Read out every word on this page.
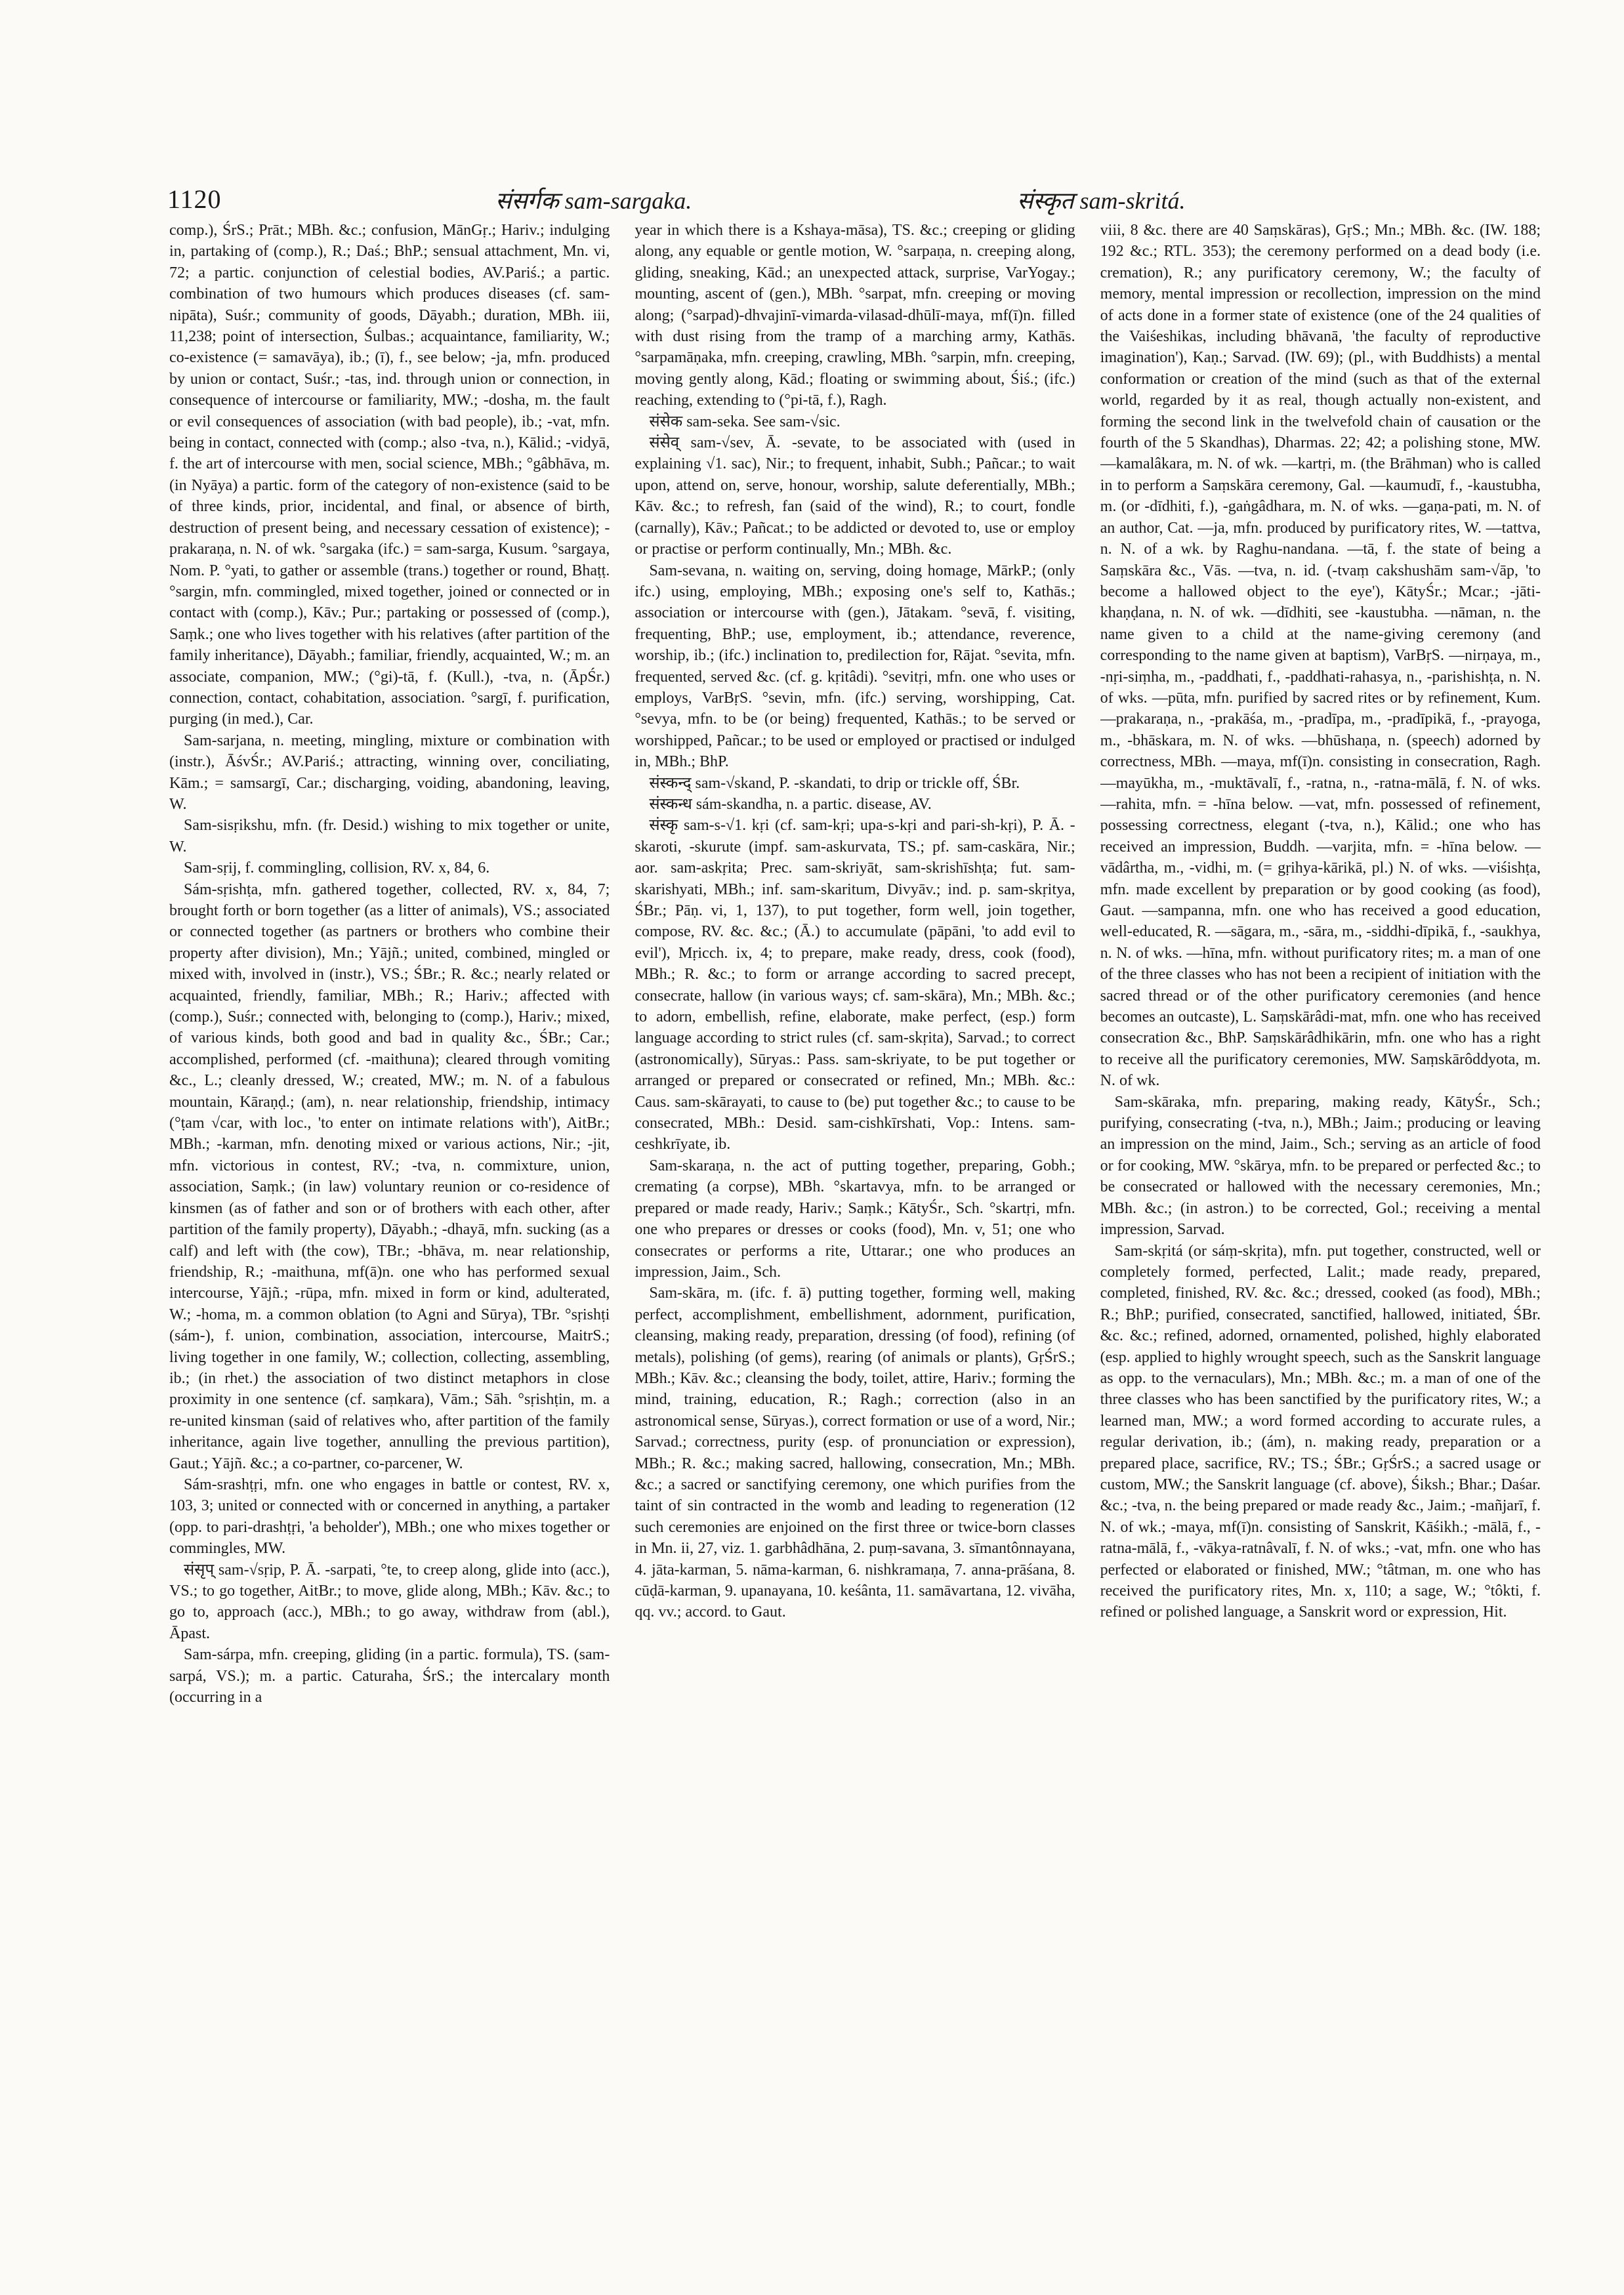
1120	संसर्गक sam-sargaka.	संस्कृत sam-skritá.

comp.), ŚrS.; Prāt.; MBh. &c.; confusion, MānGṛ.; Hariv.; indulging in, partaking of (comp.), R.; Daś.; BhP.; sensual attachment, Mn. vi, 72; a partic. conjunction of celestial bodies, AV.Pariś.; a partic. combination of two humours which produces diseases (cf. sam-nipāta), Suśr.; community of goods, Dāyabh.; duration, MBh. iii, 11,238; point of intersection, Śulbas.; acquaintance, familiarity, W.; co-existence (= samavāya), ib.; (ī), f., see below; -ja, mfn. produced by union or contact, Suśr.; -tas, ind. through union or connection, in consequence of intercourse or familiarity, MW.; -dosha, m. the fault or evil consequences of association (with bad people), ib.; -vat, mfn. being in contact, connected with (comp.; also -tva, n.), Kālid.; -vidyā, f. the art of intercourse with men, social science, MBh.; °gâbhāva, m. (in Nyāya) a partic. form of the category of non-existence (said to be of three kinds, prior, incidental, and final, or absence of birth, destruction of present being, and necessary cessation of existence); -prakaraṇa, n. N. of wk. °sargaka (ifc.) = sam-sarga, Kusum. °sargaya, Nom. P. °yati, to gather or assemble (trans.) together or round, Bhaṭṭ. °sargin, mfn. commingled, mixed together, joined or connected or in contact with (comp.), Kāv.; Pur.; partaking or possessed of (comp.), Saṃk.; one who lives together with his relatives (after partition of the family inheritance), Dāyabh.; familiar, friendly, acquainted, W.; m. an associate, companion, MW.; (°gi)-tā, f. (Kull.), -tva, n. (ĀpŚr.) connection, contact, cohabitation, association. °sargī, f. purification, purging (in med.), Car.

Sam-sarjana, n. meeting, mingling, mixture or combination with (instr.), ĀśvŚr.; AV.Pariś.; attracting, winning over, conciliating, Kām.; = samsargī, Car.; discharging, voiding, abandoning, leaving, W.

Sam-sisṛikshu, mfn. (fr. Desid.) wishing to mix together or unite, W.

Sam-sṛij, f. commingling, collision, RV. x, 84, 6.

Sám-sṛishṭa, mfn. gathered together, collected, RV. x, 84, 7; brought forth or born together (as a litter of animals), VS.; associated or connected together (as partners or brothers who combine their property after division), Mn.; Yājñ.; united, combined, mingled or mixed with, involved in (instr.), VS.; ŚBr.; R. &c.; nearly related or acquainted, friendly, familiar, MBh.; R.; Hariv.; affected with (comp.), Suśr.; connected with, belonging to (comp.), Hariv.; mixed, of various kinds, both good and bad in quality &c., ŚBr.; Car.; accomplished, performed (cf. -maithuna); cleared through vomiting &c., L.; cleanly dressed, W.; created, MW.; m. N. of a fabulous mountain, Kāraṇḍ.; (am), n. near relationship, friendship, intimacy (°ṭam √car, with loc., 'to enter on intimate relations with'), AitBr.; MBh.; -karman, mfn. denoting mixed or various actions, Nir.; -jit, mfn. victorious in contest, RV.; -tva, n. commixture, union, association, Saṃk.; (in law) voluntary reunion or co-residence of kinsmen (as of father and son or of brothers with each other, after partition of the family property), Dāyabh.; -dhayā, mfn. sucking (as a calf) and left with (the cow), TBr.; -bhāva, m. near relationship, friendship, R.; -maithuna, mf(ā)n. one who has performed sexual intercourse, Yājñ.; -rūpa, mfn. mixed in form or kind, adulterated, W.; -homa, m. a common oblation (to Agni and Sūrya), TBr. °sṛishṭi (sám-), f. union, combination, association, intercourse, MaitrS.; living together in one family, W.; collection, collecting, assembling, ib.; (in rhet.) the association of two distinct metaphors in close proximity in one sentence (cf. saṃkara), Vām.; Sāh. °sṛishṭin, m. a re-united kinsman (said of relatives who, after partition of the family inheritance, again live together, annulling the previous partition), Gaut.; Yājñ. &c.; a co-partner, co-parcener, W.

Sám-srashṭṛi, mfn. one who engages in battle or contest, RV. x, 103, 3; united or connected with or concerned in anything, a partaker (opp. to pari-drashṭṛi, 'a beholder'), MBh.; one who mixes together or commingles, MW.

संसृप् sam-√sṛip, P. Ā. -sarpati, °te, to creep along, glide into (acc.), VS.; to go together, AitBr.; to move, glide along, MBh.; Kāv. &c.; to go to, approach (acc.), MBh.; to go away, withdraw from (abl.), Āpast.

Sam-sárpa, mfn. creeping, gliding (in a partic. formula), TS. (sam-sarpá, VS.); m. a partic. Caturaha, ŚrS.; the intercalary month (occurring in a

year in which there is a Kshaya-māsa), TS. &c.; creeping or gliding along, any equable or gentle motion, W. °sarpaṇa, n. creeping along, gliding, sneaking, Kād.; an unexpected attack, surprise, VarYogay.; mounting, ascent of (gen.), MBh. °sarpat, mfn. creeping or moving along; (°sarpad)-dhvajinī-vimarda-vilasad-dhūlī-maya, mf(ī)n. filled with dust rising from the tramp of a marching army, Kathās. °sarpamāṇaka, mfn. creeping, crawling, MBh. °sarpin, mfn. creeping, moving gently along, Kād.; floating or swimming about, Śiś.; (ifc.) reaching, extending to (°pi-tā, f.), Ragh.

संसेक sam-seka. See sam-√sic.

संसेव् sam-√sev, Ā. -sevate, to be associated with (used in explaining √1. sac), Nir.; to frequent, inhabit, Subh.; Pañcar.; to wait upon, attend on, serve, honour, worship, salute deferentially, MBh.; Kāv. &c.; to refresh, fan (said of the wind), R.; to court, fondle (carnally), Kāv.; Pañcat.; to be addicted or devoted to, use or employ or practise or perform continually, Mn.; MBh. &c.

Sam-sevana, n. waiting on, serving, doing homage, MārkP.; (only ifc.) using, employing, MBh.; exposing one's self to, Kathās.; association or intercourse with (gen.), Jātakam. °sevā, f. visiting, frequenting, BhP.; use, employment, ib.; attendance, reverence, worship, ib.; (ifc.) inclination to, predilection for, Rājat. °sevita, mfn. frequented, served &c. (cf. g. kṛitâdi). °sevitṛi, mfn. one who uses or employs, VarBṛS. °sevin, mfn. (ifc.) serving, worshipping, Cat. °sevya, mfn. to be (or being) frequented, Kathās.; to be served or worshipped, Pañcar.; to be used or employed or practised or indulged in, MBh.; BhP.

संस्कन्द् sam-√skand, P. -skandati, to drip or trickle off, ŚBr.

संस्कन्ध sám-skandha, n. a partic. disease, AV.

संस्कृ sam-s-√1. kṛi (cf. sam-kṛi; upa-s-kṛi and pari-sh-kṛi), P. Ā. -skaroti, -skurute (impf. sam-askurvata, TS.; pf. sam-caskāra, Nir.; aor. sam-askṛita; Prec. sam-skriyāt, sam-skrishīshṭa; fut. sam-skarishyati, MBh.; inf. sam-skaritum, Divyāv.; ind. p. sam-skṛitya, ŚBr.; Pāṇ. vi, 1, 137), to put together, form well, join together, compose, RV. &c. &c.; (Ā.) to accumulate (pāpāni, 'to add evil to evil'), Mṛicch. ix, 4; to prepare, make ready, dress, cook (food), MBh.; R. &c.; to form or arrange according to sacred precept, consecrate, hallow (in various ways; cf. sam-skāra), Mn.; MBh. &c.; to adorn, embellish, refine, elaborate, make perfect, (esp.) form language according to strict rules (cf. sam-skṛita), Sarvad.; to correct (astronomically), Sūryas.: Pass. sam-skriyate, to be put together or arranged or prepared or consecrated or refined, Mn.; MBh. &c.: Caus. sam-skārayati, to cause to (be) put together &c.; to cause to be consecrated, MBh.: Desid. sam-cishkīrshati, Vop.: Intens. sam-ceshkrīyate, ib.

Sam-skaraṇa, n. the act of putting together, preparing, Gobh.; cremating (a corpse), MBh. °skartavya, mfn. to be arranged or prepared or made ready, Hariv.; Saṃk.; KātyŚr., Sch. °skartṛi, mfn. one who prepares or dresses or cooks (food), Mn. v, 51; one who consecrates or performs a rite, Uttarar.; one who produces an impression, Jaim., Sch.

Sam-skāra, m. (ifc. f. ā) putting together, forming well, making perfect, accomplishment, embellishment, adornment, purification, cleansing, making ready, preparation, dressing (of food), refining (of metals), polishing (of gems), rearing (of animals or plants), GṛŚrS.; MBh.; Kāv. &c.; cleansing the body, toilet, attire, Hariv.; forming the mind, training, education, R.; Ragh.; correction (also in an astronomical sense, Sūryas.), correct formation or use of a word, Nir.; Sarvad.; correctness, purity (esp. of pronunciation or expression), MBh.; R. &c.; making sacred, hallowing, consecration, Mn.; MBh. &c.; a sacred or sanctifying ceremony, one which purifies from the taint of sin contracted in the womb and leading to regeneration (12 such ceremonies are enjoined on the first three or twice-born classes in Mn. ii, 27, viz. 1. garbhâdhāna, 2. puṃ-savana, 3. sīmantônnayana, 4. jāta-karman, 5. nāma-karman, 6. nishkramaṇa, 7. anna-prāśana, 8. cūḍā-karman, 9. upanayana, 10. keśânta, 11. samāvartana, 12. vivāha, qq. vv.; accord. to Gaut.

viii, 8 &c. there are 40 Saṃskāras), GṛS.; Mn.; MBh. &c. (IW. 188; 192 &c.; RTL. 353); the ceremony performed on a dead body (i.e. cremation), R.; any purificatory ceremony, W.; the faculty of memory, mental impression or recollection, impression on the mind of acts done in a former state of existence (one of the 24 qualities of the Vaiśeshikas, including bhāvanā, 'the faculty of reproductive imagination'), Kaṇ.; Sarvad. (IW. 69); (pl., with Buddhists) a mental conformation or creation of the mind (such as that of the external world, regarded by it as real, though actually non-existent, and forming the second link in the twelvefold chain of causation or the fourth of the 5 Skandhas), Dharmas. 22; 42; a polishing stone, MW. —kamalâkara, m. N. of wk. —kartṛi, m. (the Brāhman) who is called in to perform a Saṃskāra ceremony, Gal. —kaumudī, f., -kaustubha, m. (or -dīdhiti, f.), -gaṅgâdhara, m. N. of wks. —gaṇa-pati, m. N. of an author, Cat. —ja, mfn. produced by purificatory rites, W. —tattva, n. N. of a wk. by Raghu-nandana. —tā, f. the state of being a Saṃskāra &c., Vās. —tva, n. id. (-tvaṃ cakshushām sam-√āp, 'to become a hallowed object to the eye'), KātyŚr.; Mcar.; -jāti-khaṇḍana, n. N. of wk. —dīdhiti, see -kaustubha. —nāman, n. the name given to a child at the name-giving ceremony (and corresponding to the name given at baptism), VarBṛS. —nirṇaya, m., -nṛi-siṃha, m., -paddhati, f., -paddhati-rahasya, n., -parishishṭa, n. N. of wks. —pūta, mfn. purified by sacred rites or by refinement, Kum. —prakaraṇa, n., -prakāśa, m., -pradīpa, m., -pradīpikā, f., -prayoga, m., -bhāskara, m. N. of wks. —bhūshaṇa, n. (speech) adorned by correctness, MBh. —maya, mf(ī)n. consisting in consecration, Ragh. —mayūkha, m., -muktāvalī, f., -ratna, n., -ratna-mālā, f. N. of wks. —rahita, mfn. = -hīna below. —vat, mfn. possessed of refinement, possessing correctness, elegant (-tva, n.), Kālid.; one who has received an impression, Buddh. —varjita, mfn. = -hīna below. —vādârtha, m., -vidhi, m. (= gṛihya-kārikā, pl.) N. of wks. —viśishṭa, mfn. made excellent by preparation or by good cooking (as food), Gaut. —sampanna, mfn. one who has received a good education, well-educated, R. —sāgara, m., -sāra, m., -siddhi-dīpikā, f., -saukhya, n. N. of wks. —hīna, mfn. without purificatory rites; m. a man of one of the three classes who has not been a recipient of initiation with the sacred thread or of the other purificatory ceremonies (and hence becomes an outcaste), L. Saṃskārâdi-mat, mfn. one who has received consecration &c., BhP. Saṃskārâdhikārin, mfn. one who has a right to receive all the purificatory ceremonies, MW. Saṃskārôddyota, m. N. of wk.

Sam-skāraka, mfn. preparing, making ready, KātyŚr., Sch.; purifying, consecrating (-tva, n.), MBh.; Jaim.; producing or leaving an impression on the mind, Jaim., Sch.; serving as an article of food or for cooking, MW. °skārya, mfn. to be prepared or perfected &c.; to be consecrated or hallowed with the necessary ceremonies, Mn.; MBh. &c.; (in astron.) to be corrected, Gol.; receiving a mental impression, Sarvad.

Sam-skṛitá (or sáṃ-skṛita), mfn. put together, constructed, well or completely formed, perfected, Lalit.; made ready, prepared, completed, finished, RV. &c. &c.; dressed, cooked (as food), MBh.; R.; BhP.; purified, consecrated, sanctified, hallowed, initiated, ŚBr. &c. &c.; refined, adorned, ornamented, polished, highly elaborated (esp. applied to highly wrought speech, such as the Sanskrit language as opp. to the vernaculars), Mn.; MBh. &c.; m. a man of one of the three classes who has been sanctified by the purificatory rites, W.; a learned man, MW.; a word formed according to accurate rules, a regular derivation, ib.; (ám), n. making ready, preparation or a prepared place, sacrifice, RV.; TS.; ŚBr.; GṛŚrS.; a sacred usage or custom, MW.; the Sanskrit language (cf. above), Śiksh.; Bhar.; Daśar. &c.; -tva, n. the being prepared or made ready &c., Jaim.; -mañjarī, f. N. of wk.; -maya, mf(ī)n. consisting of Sanskrit, Kāśikh.; -mālā, f., -ratna-mālā, f., -vākya-ratnâvalī, f. N. of wks.; -vat, mfn. one who has perfected or elaborated or finished, MW.; °tâtman, m. one who has received the purificatory rites, Mn. x, 110; a sage, W.; °tôkti, f. refined or polished language, a Sanskrit word or expression, Hit.
